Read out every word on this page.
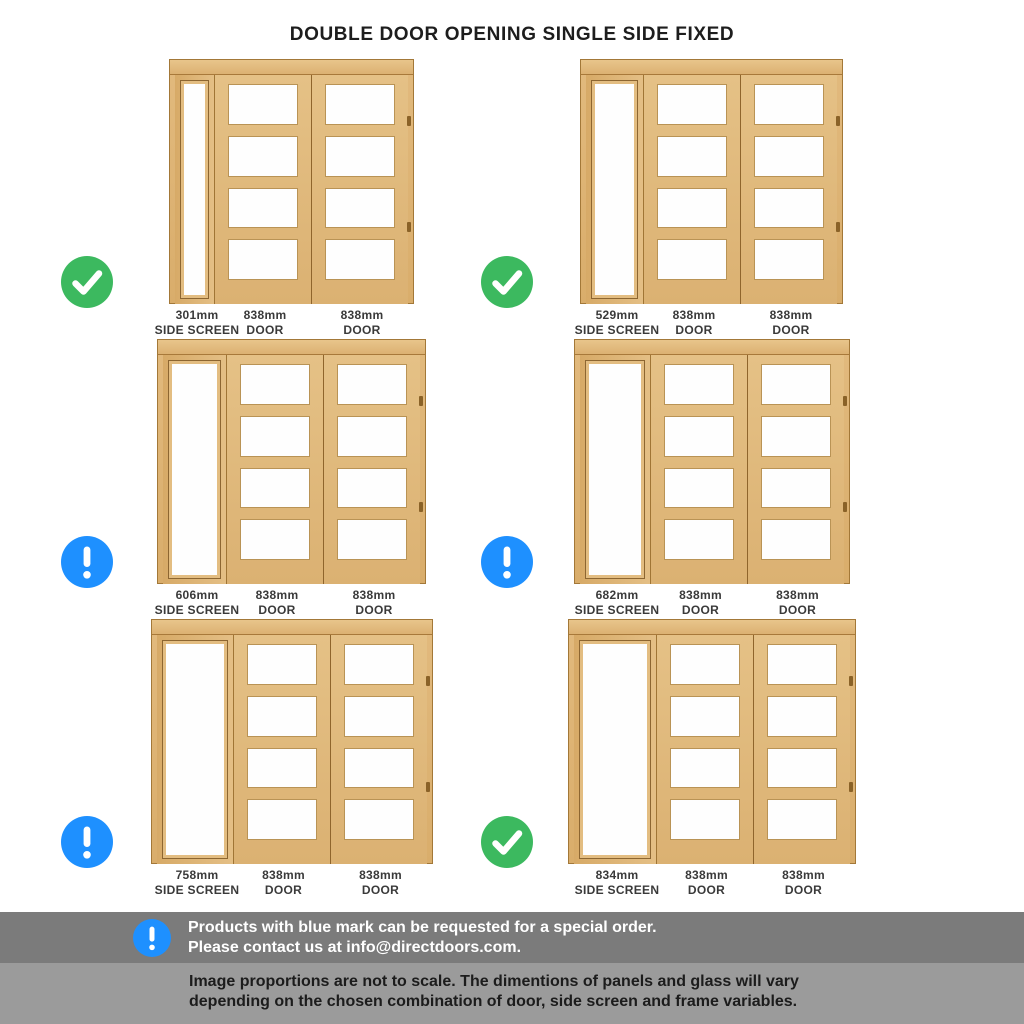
DOUBLE DOOR OPENING SINGLE SIDE FIXED
301mm
SIDE SCREEN
838mm
DOOR
838mm
DOOR
529mm
SIDE SCREEN
838mm
DOOR
838mm
DOOR
606mm
SIDE SCREEN
838mm
DOOR
838mm
DOOR
682mm
SIDE SCREEN
838mm
DOOR
838mm
DOOR
758mm
SIDE SCREEN
838mm
DOOR
838mm
DOOR
834mm
SIDE SCREEN
838mm
DOOR
838mm
DOOR
Products with blue mark can be requested for a special order.
Please contact us at info@directdoors.com.
Image proportions are not to scale. The dimentions of panels and glass will vary
depending on the chosen combination of door, side screen and frame variables.
